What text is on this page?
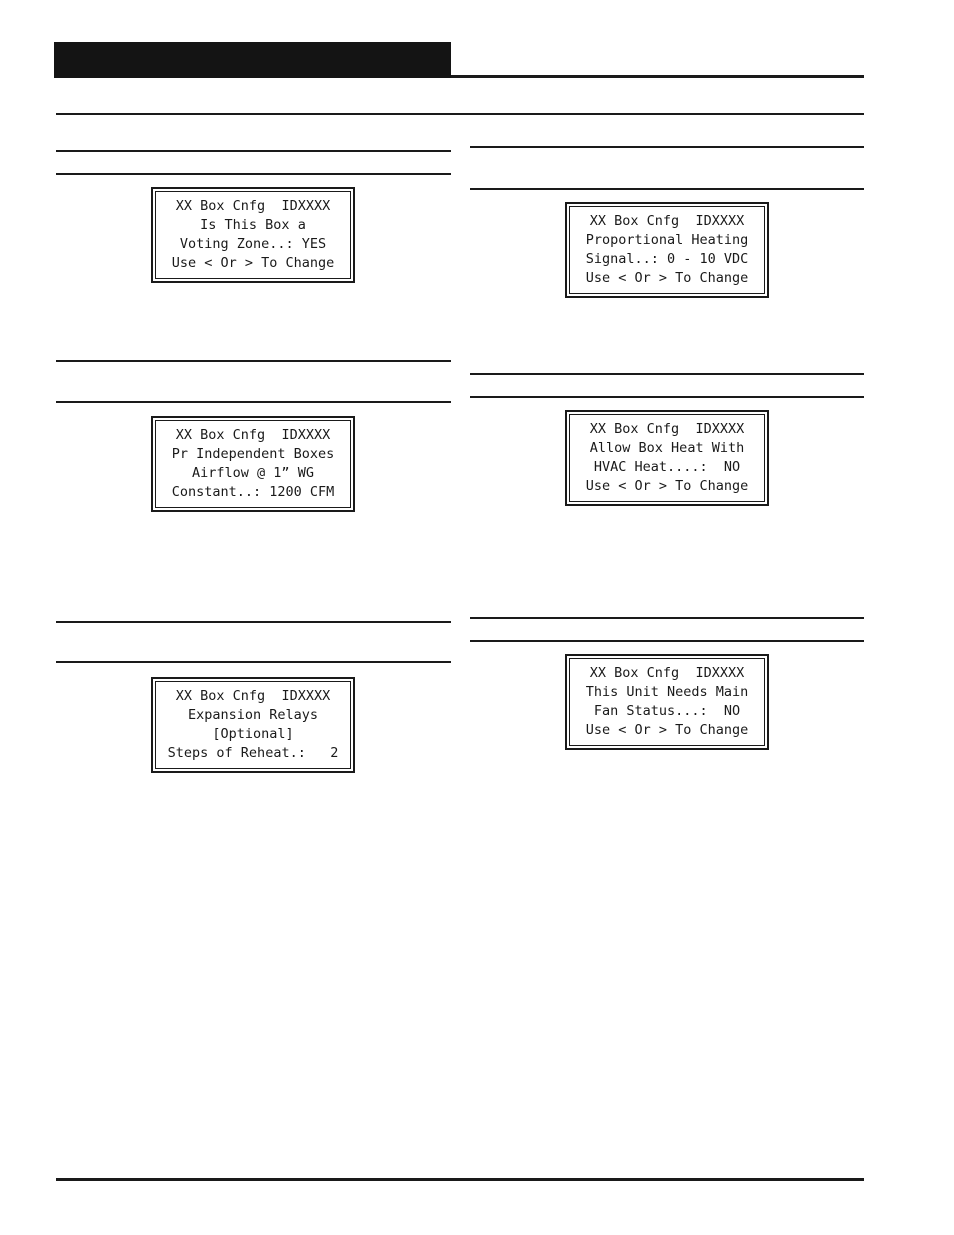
XX Box Cnfg  IDXXXX
Is This Box a
Voting Zone..: YES
Use < Or > To Change
XX Box Cnfg  IDXXXX
Pr Independent Boxes
Airflow @ 1” WG
Constant..: 1200 CFM
XX Box Cnfg  IDXXXX
Expansion Relays
[Optional]
Steps of Reheat.:   2
XX Box Cnfg  IDXXXX
Proportional Heating
Signal..: 0 - 10 VDC
Use < Or > To Change
XX Box Cnfg  IDXXXX
Allow Box Heat With
HVAC Heat....:  NO
Use < Or > To Change
XX Box Cnfg  IDXXXX
This Unit Needs Main
Fan Status...:  NO
Use < Or > To Change
